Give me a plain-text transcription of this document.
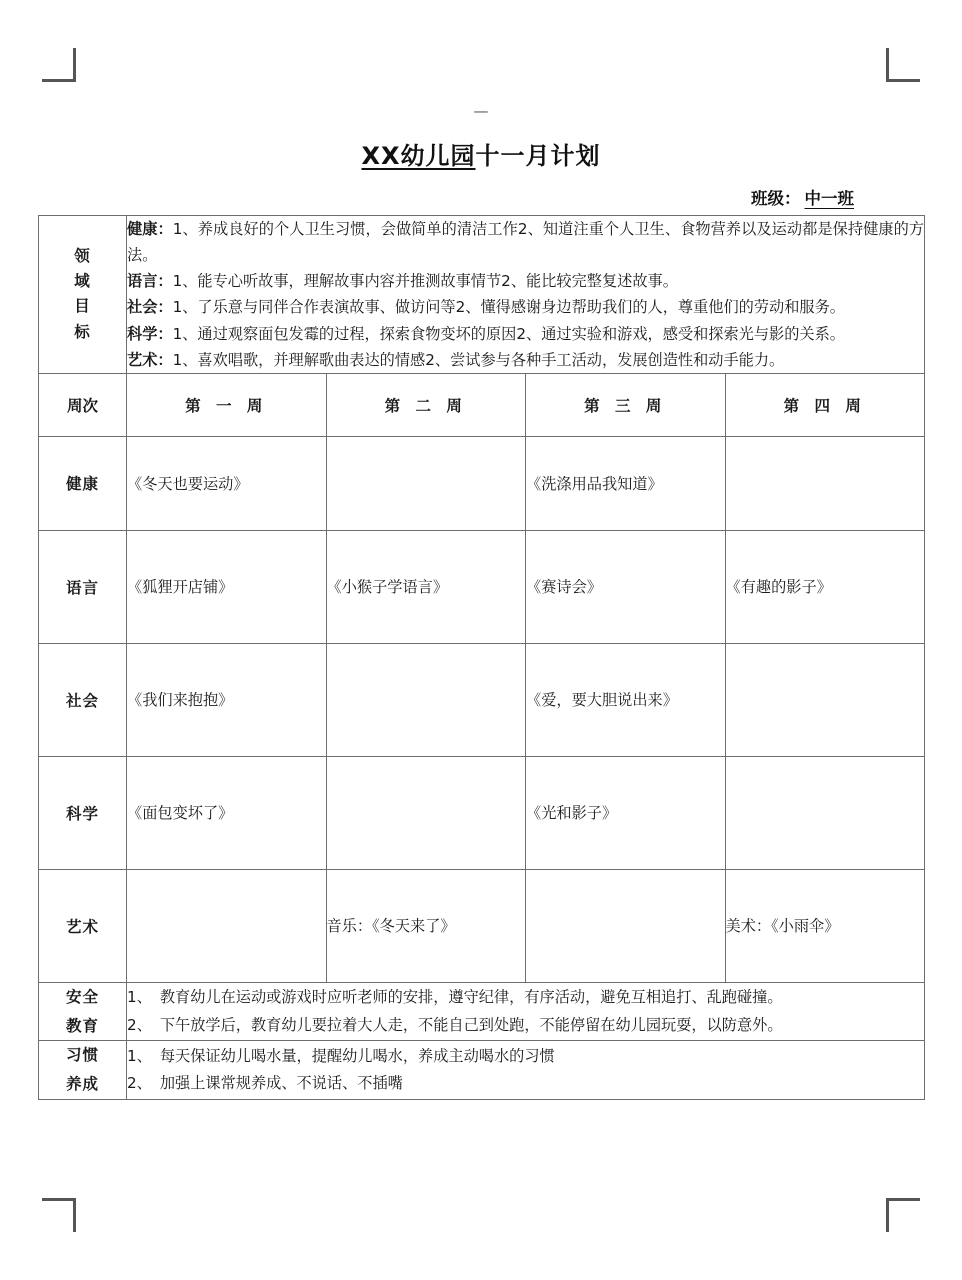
—
XX幼儿园十一月计划
班级： 中一班
领
域
目
标

健康：1、养成良好的个人卫生习惯，会做简单的清洁工作2、知道注重个人卫生、食物营养以及运动都是保持健康的方法。

语言：1、能专心听故事，理解故事内容并推测故事情节2、能比较完整复述故事。

社会：1、了乐意与同伴合作表演故事、做访问等2、懂得感谢身边帮助我们的人，尊重他们的劳动和服务。

科学：1、通过观察面包发霉的过程，探索食物变坏的原因2、通过实验和游戏，感受和探索光与影的关系。

艺术：1、喜欢唱歌，并理解歌曲表达的情感2、尝试参与各种手工活动，发展创造性和动手能力。

周次	第 一 周	第 二 周	第 三 周	第 四 周
健康	《冬天也要运动》		《洗涤用品我知道》	
语言	《狐狸开店铺》	《小猴子学语言》	《赛诗会》	《有趣的影子》
社会	《我们来抱抱》		《爱，要大胆说出来》	
科学	《面包变坏了》		《光和影子》	
艺术		音乐：《冬天来了》		美术：《小雨伞》

安全
教育

1、 教育幼儿在运动或游戏时应听老师的安排，遵守纪律，有序活动，避免互相追打、乱跑碰撞。

2、 下午放学后，教育幼儿要拉着大人走，不能自己到处跑，不能停留在幼儿园玩耍，以防意外。

习惯
养成

1、 每天保证幼儿喝水量，提醒幼儿喝水，养成主动喝水的习惯

2、 加强上课常规养成、不说话、不插嘴
